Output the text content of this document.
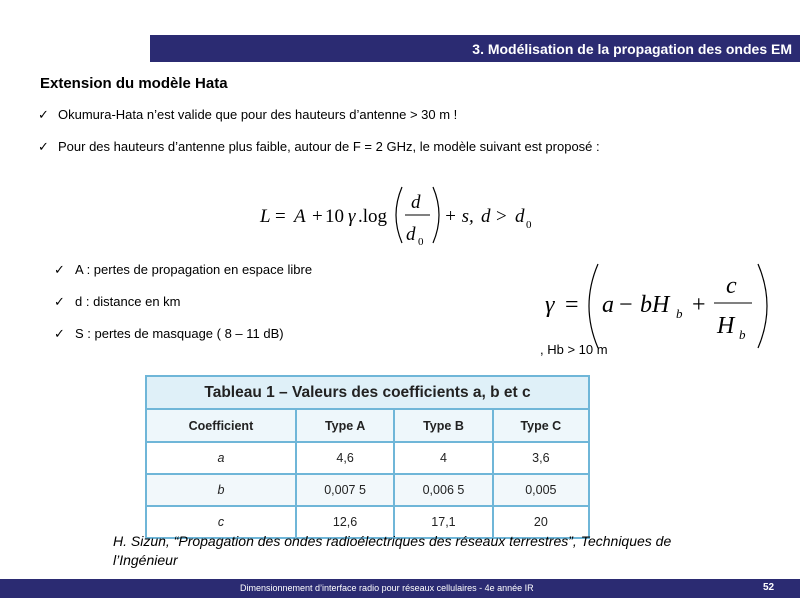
3. Modélisation de la propagation des ondes EM
Extension du modèle Hata
✓ Okumura-Hata n’est valide que pour des hauteurs d’antenne > 30 m !
✓ Pour des hauteurs d’antenne plus faible, autour de F = 2 GHz, le modèle suivant est proposé :
L = A + 10 γ .log
d
d 0
+ s, d > d 0
γ = a − bH b +
c
H b
✓ A : pertes de propagation en espace libre
✓ d : distance en km
✓ S : pertes de masquage ( 8 – 11 dB)
, Hb > 10 m
Tableau 1 – Valeurs des coefficients a, b et c			
Coefficient	Type A	Type B	Type C
a	4,6	4	3,6
b	0,007 5	0,006 5	0,005
c	12,6	17,1	20
H. Sizun, “Propagation des ondes radioélectriques des réseaux terrestres”, Techniques de l’Ingénieur
Dimensionnement d’interface radio pour réseaux cellulaires - 4e année IR	52
